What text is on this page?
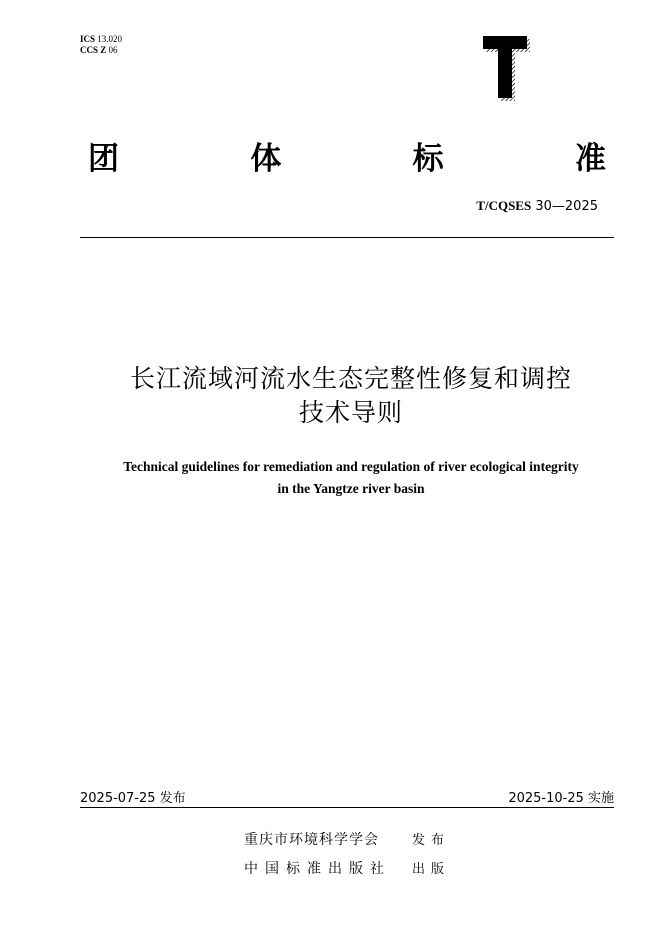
ICS 13.020
CCS Z 06
T
团	体	标	准
T/CQSES 30—2025
长江流域河流水生态完整性修复和调控
技术导则
Technical guidelines for remediation and regulation of river ecological integrity
in the Yangtze river basin
2025-07-25 发布	2025-10-25 实施
重庆市环境科学学会	发布
中国标准出版社	出版
